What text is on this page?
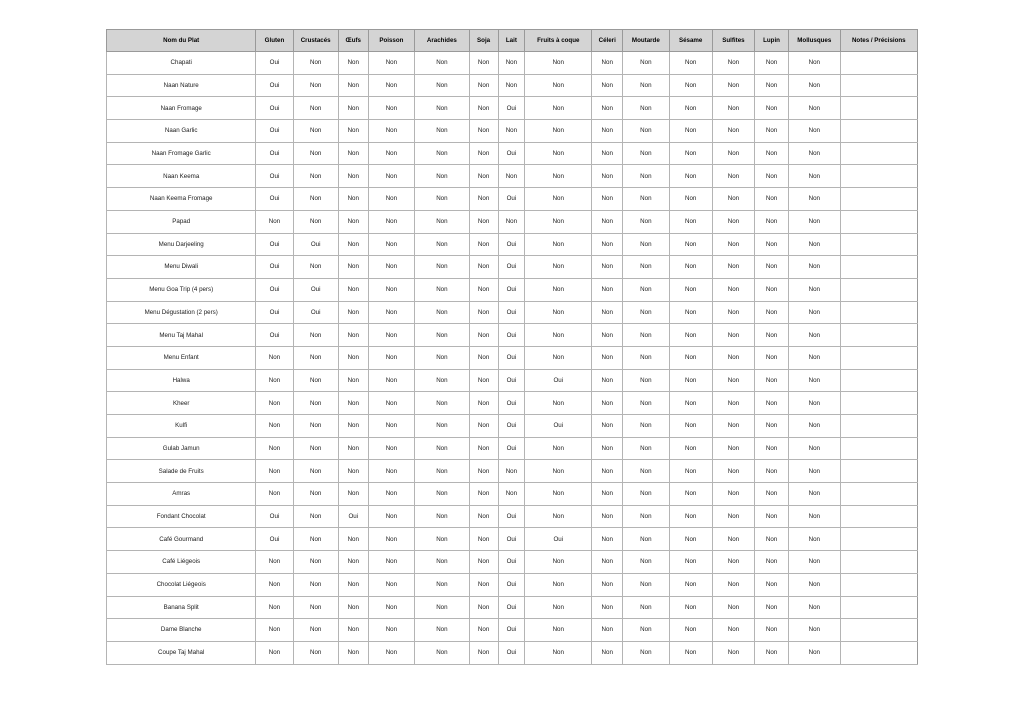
Nom du Plat	Gluten	Crustacés	Œufs	Poisson	Arachides	Soja	Lait	Fruits à coque	Céleri	Moutarde	Sésame	Sulfites	Lupin	Mollusques	Notes / Précisions
Chapati	Oui	Non	Non	Non	Non	Non	Non	Non	Non	Non	Non	Non	Non	Non	
Naan Nature	Oui	Non	Non	Non	Non	Non	Non	Non	Non	Non	Non	Non	Non	Non	
Naan Fromage	Oui	Non	Non	Non	Non	Non	Oui	Non	Non	Non	Non	Non	Non	Non	
Naan Garlic	Oui	Non	Non	Non	Non	Non	Non	Non	Non	Non	Non	Non	Non	Non	
Naan Fromage Garlic	Oui	Non	Non	Non	Non	Non	Oui	Non	Non	Non	Non	Non	Non	Non	
Naan Keema	Oui	Non	Non	Non	Non	Non	Non	Non	Non	Non	Non	Non	Non	Non	
Naan Keema Fromage	Oui	Non	Non	Non	Non	Non	Oui	Non	Non	Non	Non	Non	Non	Non	
Papad	Non	Non	Non	Non	Non	Non	Non	Non	Non	Non	Non	Non	Non	Non	
Menu Darjeeling	Oui	Oui	Non	Non	Non	Non	Oui	Non	Non	Non	Non	Non	Non	Non	
Menu Diwali	Oui	Non	Non	Non	Non	Non	Oui	Non	Non	Non	Non	Non	Non	Non	
Menu Goa Trip (4 pers)	Oui	Oui	Non	Non	Non	Non	Oui	Non	Non	Non	Non	Non	Non	Non	
Menu Dégustation (2 pers)	Oui	Oui	Non	Non	Non	Non	Oui	Non	Non	Non	Non	Non	Non	Non	
Menu Taj Mahal	Oui	Non	Non	Non	Non	Non	Oui	Non	Non	Non	Non	Non	Non	Non	
Menu Enfant	Non	Non	Non	Non	Non	Non	Oui	Non	Non	Non	Non	Non	Non	Non	
Halwa	Non	Non	Non	Non	Non	Non	Oui	Oui	Non	Non	Non	Non	Non	Non	
Kheer	Non	Non	Non	Non	Non	Non	Oui	Non	Non	Non	Non	Non	Non	Non	
Kulfi	Non	Non	Non	Non	Non	Non	Oui	Oui	Non	Non	Non	Non	Non	Non	
Gulab Jamun	Non	Non	Non	Non	Non	Non	Oui	Non	Non	Non	Non	Non	Non	Non	
Salade de Fruits	Non	Non	Non	Non	Non	Non	Non	Non	Non	Non	Non	Non	Non	Non	
Amras	Non	Non	Non	Non	Non	Non	Non	Non	Non	Non	Non	Non	Non	Non	
Fondant Chocolat	Oui	Non	Oui	Non	Non	Non	Oui	Non	Non	Non	Non	Non	Non	Non	
Café Gourmand	Oui	Non	Non	Non	Non	Non	Oui	Oui	Non	Non	Non	Non	Non	Non	
Café Liégeois	Non	Non	Non	Non	Non	Non	Oui	Non	Non	Non	Non	Non	Non	Non	
Chocolat Liégeois	Non	Non	Non	Non	Non	Non	Oui	Non	Non	Non	Non	Non	Non	Non	
Banana Split	Non	Non	Non	Non	Non	Non	Oui	Non	Non	Non	Non	Non	Non	Non	
Dame Blanche	Non	Non	Non	Non	Non	Non	Oui	Non	Non	Non	Non	Non	Non	Non	
Coupe Taj Mahal	Non	Non	Non	Non	Non	Non	Oui	Non	Non	Non	Non	Non	Non	Non	
